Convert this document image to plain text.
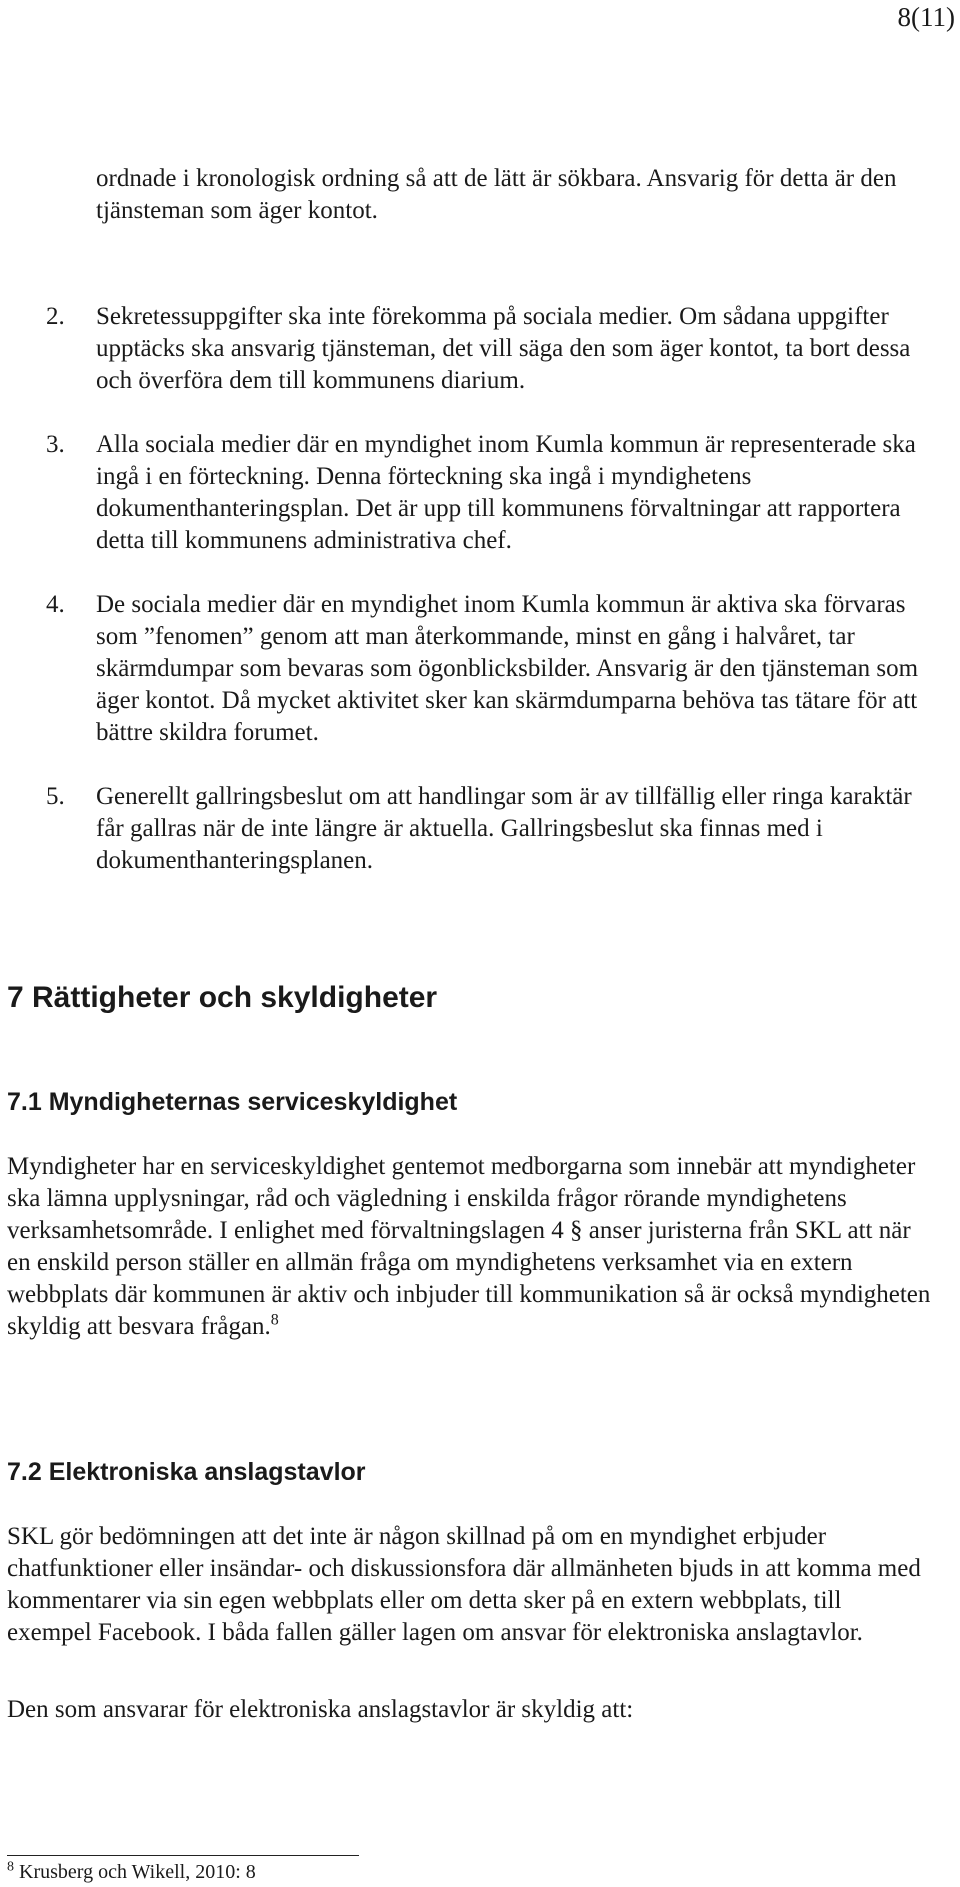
8(11)

ordnade i kronologisk ordning så att de lätt är sökbara. Ansvarig för detta är den tjänsteman som äger kontot.

2.	Sekretessuppgifter ska inte förekomma på sociala medier. Om sådana uppgifter upptäcks ska ansvarig tjänsteman, det vill säga den som äger kontot, ta bort dessa och överföra dem till kommunens diarium.
3.	Alla sociala medier där en myndighet inom Kumla kommun är representerade ska ingå i en förteckning. Denna förteckning ska ingå i myndighetens dokumenthanteringsplan. Det är upp till kommunens förvaltningar att rapportera detta till kommunens administrativa chef.
4.	De sociala medier där en myndighet inom Kumla kommun är aktiva ska förvaras som ”fenomen” genom att man återkommande, minst en gång i halvåret, tar skärmdumpar som bevaras som ögonblicksbilder. Ansvarig är den tjänsteman som äger kontot. Då mycket aktivitet sker kan skärmdumparna behöva tas tätare för att bättre skildra forumet.
5.	Generellt gallringsbeslut om att handlingar som är av tillfällig eller ringa karaktär får gallras när de inte längre är aktuella. Gallringsbeslut ska finnas med i dokumenthanteringsplanen.
7 Rättigheter och skyldigheter
7.1 Myndigheternas serviceskyldighet

Myndigheter har en serviceskyldighet gentemot medborgarna som innebär att myndigheter ska lämna upplysningar, råd och vägledning i enskilda frågor rörande myndighetens verksamhetsområde. I enlighet med förvaltningslagen 4 § anser juristerna från SKL att när en enskild person ställer en allmän fråga om myndighetens verksamhet via en extern webbplats där kommunen är aktiv och inbjuder till kommunikation så är också myndigheten skyldig att besvara frågan.$^8$

7.2 Elektroniska anslagstavlor

SKL gör bedömningen att det inte är någon skillnad på om en myndighet erbjuder chatfunktioner eller insändar- och diskussionsfora där allmänheten bjuds in att komma med kommentarer via sin egen webbplats eller om detta sker på en extern webbplats, till exempel Facebook. I båda fallen gäller lagen om ansvar för elektroniska anslagtavlor.

Den som ansvarar för elektroniska anslagstavlor är skyldig att:

$^8$ Krusberg och Wikell, 2010: 8
